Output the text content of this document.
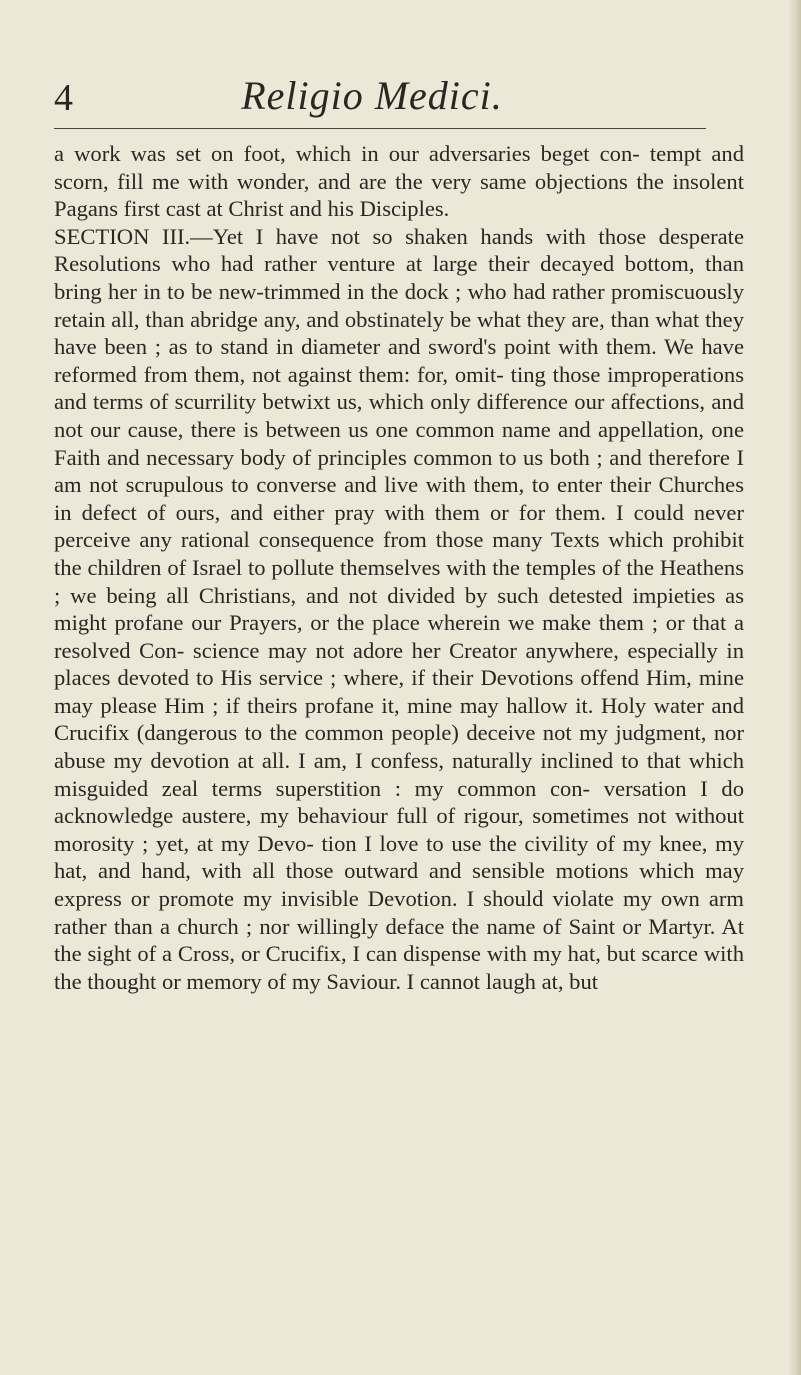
4	Religio Medici.

a work was set on foot, which in our adversaries beget con- tempt and scorn, fill me with wonder, and are the very same objections the insolent Pagans first cast at Christ and his Disciples.

SECTION III.—Yet I have not so shaken hands with those desperate Resolutions who had rather venture at large their decayed bottom, than bring her in to be new-trimmed in the dock ; who had rather promiscuously retain all, than abridge any, and obstinately be what they are, than what they have been ; as to stand in diameter and sword's point with them. We have reformed from them, not against them: for, omit- ting those improperations and terms of scurrility betwixt us, which only difference our affections, and not our cause, there is between us one common name and appellation, one Faith and necessary body of principles common to us both ; and therefore I am not scrupulous to converse and live with them, to enter their Churches in defect of ours, and either pray with them or for them. I could never perceive any rational consequence from those many Texts which prohibit the children of Israel to pollute themselves with the temples of the Heathens ; we being all Christians, and not divided by such detested impieties as might profane our Prayers, or the place wherein we make them ; or that a resolved Con- science may not adore her Creator anywhere, especially in places devoted to His service ; where, if their Devotions offend Him, mine may please Him ; if theirs profane it, mine may hallow it. Holy water and Crucifix (dangerous to the common people) deceive not my judgment, nor abuse my devotion at all. I am, I confess, naturally inclined to that which misguided zeal terms superstition : my common con- versation I do acknowledge austere, my behaviour full of rigour, sometimes not without morosity ; yet, at my Devo- tion I love to use the civility of my knee, my hat, and hand, with all those outward and sensible motions which may express or promote my invisible Devotion. I should violate my own arm rather than a church ; nor willingly deface the name of Saint or Martyr. At the sight of a Cross, or Crucifix, I can dispense with my hat, but scarce with the thought or memory of my Saviour. I cannot laugh at, but
